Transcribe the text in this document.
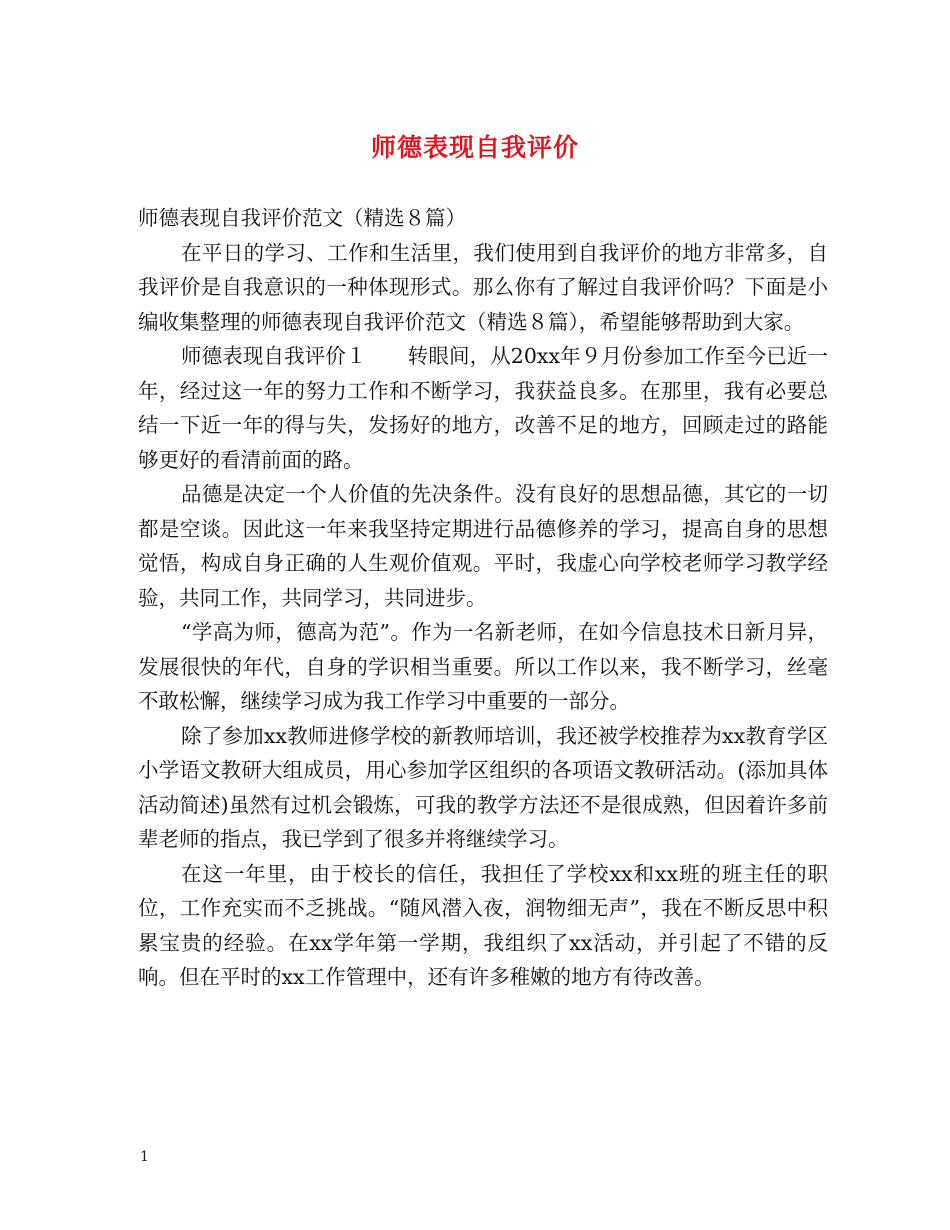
师德表现自我评价

师德表现自我评价范文（精选８篇）

在平日的学习、工作和生活里，我们使用到自我评价的地方非常多，自我评价是自我意识的一种体现形式。那么你有了解过自我评价吗？下面是小编收集整理的师德表现自我评价范文（精选８篇），希望能够帮助到大家。

师德表现自我评价１　　转眼间，从20xx年９月份参加工作至今已近一年，经过这一年的努力工作和不断学习，我获益良多。在那里，我有必要总结一下近一年的得与失，发扬好的地方，改善不足的地方，回顾走过的路能够更好的看清前面的路。

品德是决定一个人价值的先决条件。没有良好的思想品德，其它的一切都是空谈。因此这一年来我坚持定期进行品德修养的学习，提高自身的思想觉悟，构成自身正确的人生观价值观。平时，我虚心向学校老师学习教学经验，共同工作，共同学习，共同进步。

“学高为师，德高为范”。作为一名新老师，在如今信息技术日新月异，发展很快的年代，自身的学识相当重要。所以工作以来，我不断学习，丝毫不敢松懈，继续学习成为我工作学习中重要的一部分。

除了参加xx教师进修学校的新教师培训，我还被学校推荐为xx教育学区小学语文教研大组成员，用心参加学区组织的各项语文教研活动。(添加具体活动简述)虽然有过机会锻炼，可我的教学方法还不是很成熟，但因着许多前辈老师的指点，我已学到了很多并将继续学习。

在这一年里，由于校长的信任，我担任了学校xx和xx班的班主任的职位，工作充实而不乏挑战。“随风潜入夜，润物细无声”，我在不断反思中积累宝贵的经验。在xx学年第一学期，我组织了xx活动，并引起了不错的反响。但在平时的xx工作管理中，还有许多稚嫩的地方有待改善。

1
